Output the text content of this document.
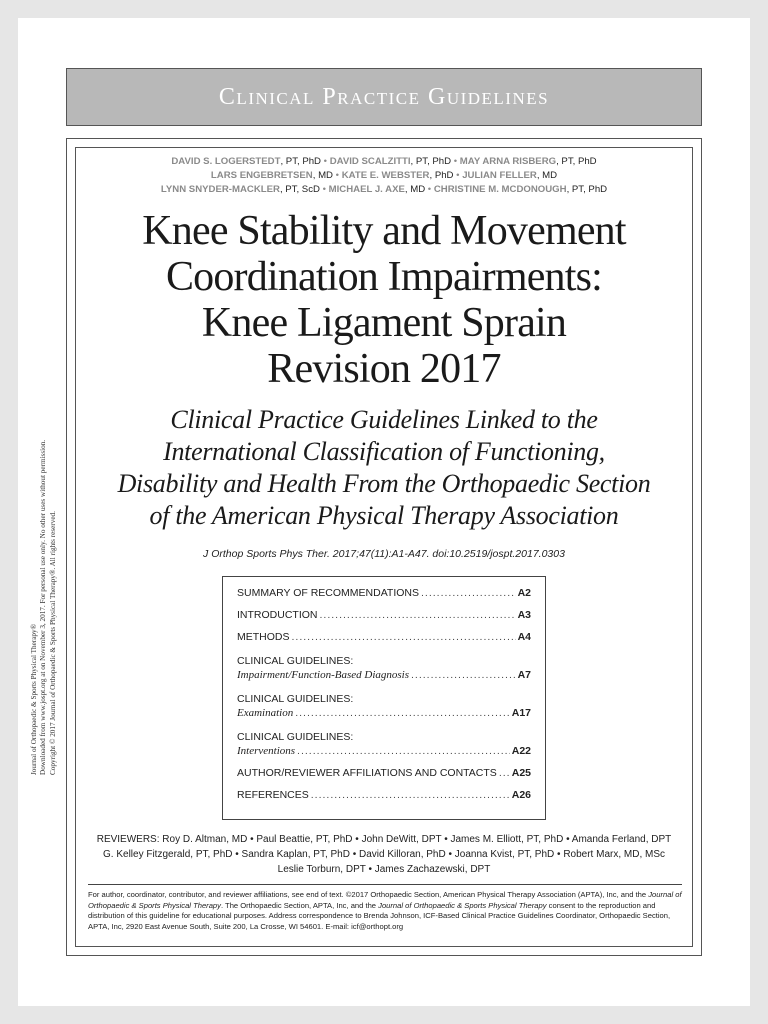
Clinical Practice Guidelines
Journal of Orthopaedic & Sports Physical Therapy® Downloaded from www.jospt.org at on November 3, 2017. For personal use only. No other uses without permission. Copyright © 2017 Journal of Orthopaedic & Sports Physical Therapy®. All rights reserved.
DAVID S. LOGERSTEDT, PT, PhD • DAVID SCALZITTI, PT, PhD • MAY ARNA RISBERG, PT, PhD
LARS ENGEBRETSEN, MD • KATE E. WEBSTER, PhD • JULIAN FELLER, MD
LYNN SNYDER-MACKLER, PT, ScD • MICHAEL J. AXE, MD • CHRISTINE M. MCDONOUGH, PT, PhD
Knee Stability and Movement
Coordination Impairments:
Knee Ligament Sprain
Revision 2017
Clinical Practice Guidelines Linked to the
International Classification of Functioning,
Disability and Health From the Orthopaedic Section
of the American Physical Therapy Association
J Orthop Sports Phys Ther. 2017;47(11):A1-A47. doi:10.2519/jospt.2017.0303
SUMMARY OF RECOMMENDATIONS .....	A2
INTRODUCTION .....	A3
METHODS .....	A4
CLINICAL GUIDELINES:
Impairment/Function-Based Diagnosis .....	A7
CLINICAL GUIDELINES:
Examination .....	A17
CLINICAL GUIDELINES:
Interventions .....	A22
AUTHOR/REVIEWER AFFILIATIONS AND CONTACTS ..... A25
REFERENCES .....	A26
REVIEWERS: Roy D. Altman, MD • Paul Beattie, PT, PhD • John DeWitt, DPT • James M. Elliott, PT, PhD • Amanda Ferland, DPT
G. Kelley Fitzgerald, PT, PhD • Sandra Kaplan, PT, PhD • David Killoran, PhD • Joanna Kvist, PT, PhD • Robert Marx, MD, MSc
Leslie Torburn, DPT • James Zachazewski, DPT
For author, coordinator, contributor, and reviewer affiliations, see end of text. ©2017 Orthopaedic Section, American Physical Therapy Association (APTA), Inc, and the Journal of Orthopaedic & Sports Physical Therapy. The Orthopaedic Section, APTA, Inc, and the Journal of Orthopaedic & Sports Physical Therapy consent to the reproduction and distribution of this guideline for educational purposes. Address correspondence to Brenda Johnson, ICF-Based Clinical Practice Guidelines Coordinator, Orthopaedic Section, APTA, Inc, 2920 East Avenue South, Suite 200, La Crosse, WI 54601. E-mail: icf@orthopt.org
